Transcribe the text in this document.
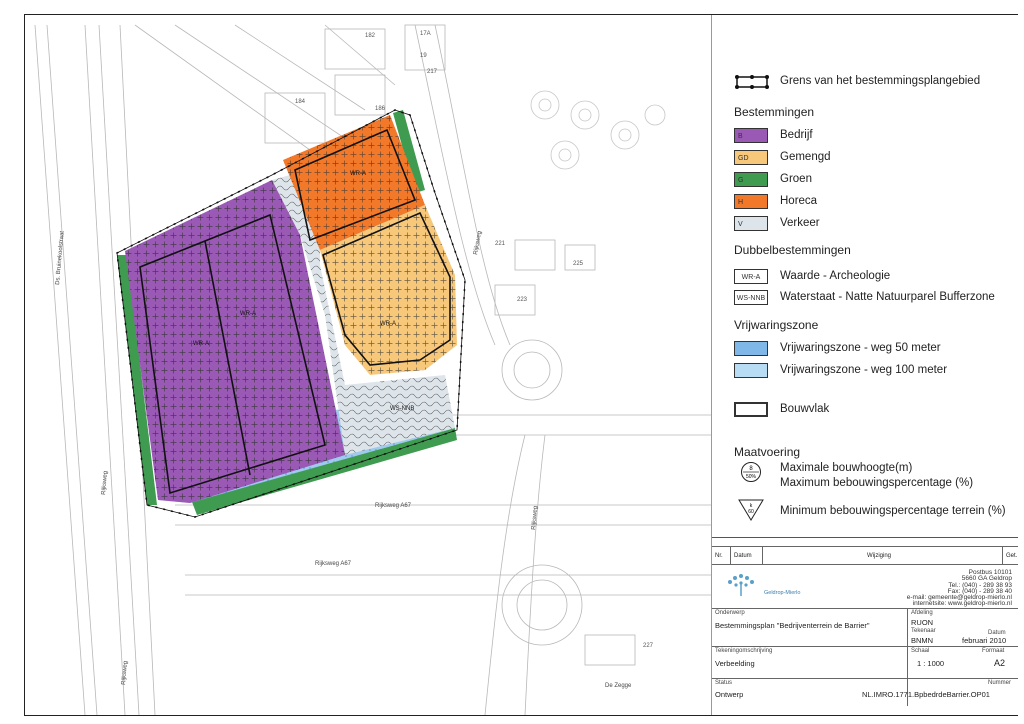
WR-A
WR-A
WR-A
WR-A
WS-NNB
Ds. Bruinekoolstraat
Rijksweg
Rijksweg
Rijksweg A67
Rijksweg A67
Rijksweg
Rijksweg
De Zegge
182
184
186
17A
19
217
221
223
225
227
Grens van het bestemmingsplangebied
Bestemmingen
B	Bedrijf
GD	Gemengd
G	Groen
H	Horeca
V	Verkeer
Dubbelbestemmingen
WR-A	Waarde - Archeologie
WS-NNB Waterstaat - Natte Natuurparel Bufferzone
Vrijwaringszone
Vrijwaringszone - weg 50 meter
Vrijwaringszone - weg 100 meter
Bouwvlak
Maatvoering
8
50%
Maximale bouwhoogte(m)
Maximum bebouwingspercentage (%)
k
60 Minimum bebouwingspercentage terrein (%)
Nr. Datum	Wijziging	Get.
Geldrop-Mierlo
Postbus 10101
5660 GA Geldrop
Tel.: (040) - 289 38 93
Fax: (040) - 289 38 40
e-mail: gemeente@geldrop-mierlo.nl
internetsite: www.geldrop-mierlo.nl
Onderwerp
Bestemmingsplan "Bedrijventerrein de Barrier"
Afdeling
RUON
Tekenaar
BNMN
Datum
februari 2010
Tekeningomschrijving
Verbeelding
Schaal
1 : 1000
Formaat
A2
Status
Ontwerp
Nummer
NL.IMRO.1771.BpbedrdeBarrier.OP01
